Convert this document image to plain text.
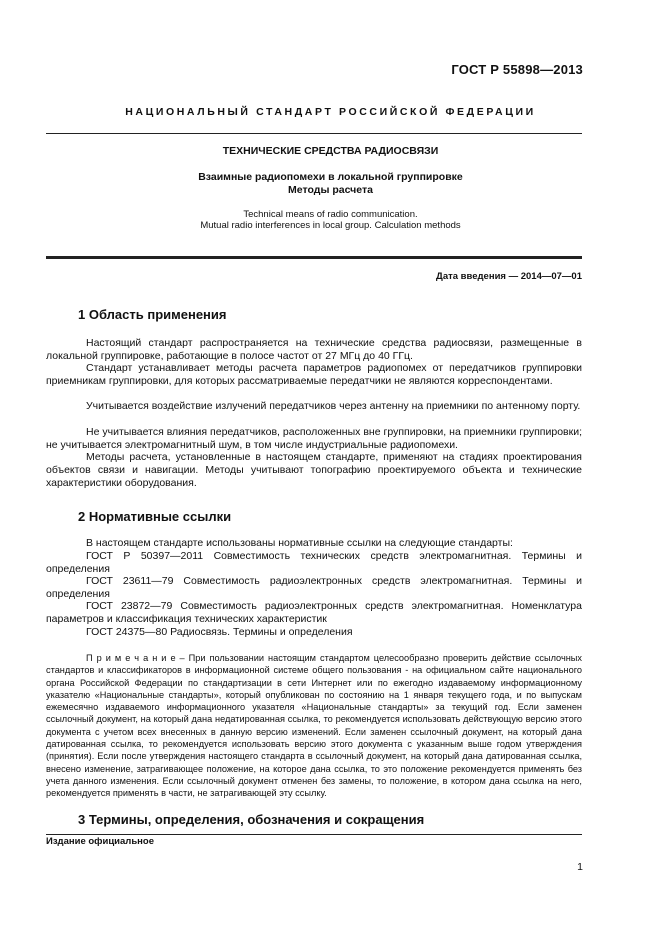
ГОСТ Р 55898—2013
НАЦИОНАЛЬНЫЙ СТАНДАРТ РОССИЙСКОЙ ФЕДЕРАЦИИ
ТЕХНИЧЕСКИЕ СРЕДСТВА РАДИОСВЯЗИ
Взаимные радиопомехи в локальной группировке
Методы расчета
Technical means of radio communication.
Mutual radio interferences in local group. Calculation methods
Дата введения — 2014—07—01
1 Область применения

Настоящий стандарт распространяется на технические средства радиосвязи, размещенные в локальной группировке, работающие в полосе частот от 27 МГц до 40 ГГц.

Стандарт устанавливает методы расчета параметров радиопомех от передатчиков группировки приемникам группировки, для которых рассматриваемые передатчики не являются корреспондентами.

Учитывается воздействие излучений передатчиков через антенну на приемники по антенному порту.

Не учитывается влияния передатчиков, расположенных вне группировки, на приемники группировки; не учитывается электромагнитный шум, в том числе индустриальные радиопомехи.

Методы расчета, установленные в настоящем стандарте, применяют на стадиях проектирования объектов связи и навигации. Методы учитывают топографию проектируемого объекта и технические характеристики оборудования.

2 Нормативные ссылки

В настоящем стандарте использованы нормативные ссылки на следующие стандарты:

ГОСТ Р 50397—2011 Совместимость технических средств электромагнитная. Термины и определения

ГОСТ 23611—79 Совместимость радиоэлектронных средств электромагнитная. Термины и определения

ГОСТ 23872—79 Совместимость радиоэлектронных средств электромагнитная. Номенклатура параметров и классификация технических характеристик

ГОСТ 24375—80 Радиосвязь. Термины и определения

П р и м е ч а н и е – При пользовании настоящим стандартом целесообразно проверить действие ссылочных стандартов и классификаторов в информационной системе общего пользования - на официальном сайте национального органа Российской Федерации по стандартизации в сети Интернет или по ежегодно издаваемому информационному указателю «Национальные стандарты», который опубликован по состоянию на 1 января текущего года, и по выпускам ежемесячно издаваемого информационного указателя «Национальные стандарты» за текущий год. Если заменен ссылочный документ, на который дана недатированная ссылка, то рекомендуется использовать действующую версию этого документа с учетом всех внесенных в данную версию изменений. Если заменен ссылочный документ, на который дана датированная ссылка, то рекомендуется использовать версию этого документа с указанным выше годом утверждения (принятия). Если после утверждения настоящего стандарта в ссылочный документ, на который дана датированная ссылка, внесено изменение, затрагивающее положение, на которое дана ссылка, то это положение рекомендуется применять без учета данного изменения. Если ссылочный документ отменен без замены, то положение, в котором дана ссылка на него, рекомендуется применять в части, не затрагивающей эту ссылку.

3 Термины, определения, обозначения и сокращения
Издание официальное
1
